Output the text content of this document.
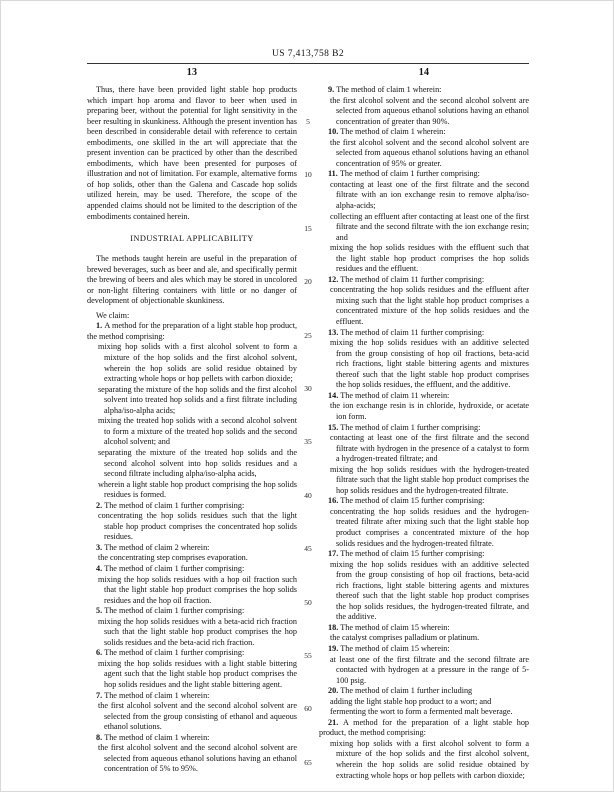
US 7,413,758 B2
13

Thus, there have been provided light stable hop products which impart hop aroma and flavor to beer when used in preparing beer, without the potential for light sensitivity in the beer resulting in skunkiness. Although the present invention has been described in considerable detail with reference to certain embodiments, one skilled in the art will appreciate that the present invention can be practiced by other than the described embodiments, which have been presented for purposes of illustration and not of limitation. For example, alternative forms of hop solids, other than the Galena and Cascade hop solids utilized herein, may be used. Therefore, the scope of the appended claims should not be limited to the description of the embodiments contained herein.

INDUSTRIAL APPLICABILITY

The methods taught herein are useful in the preparation of brewed beverages, such as beer and ale, and specifically permit the brewing of beers and ales which may be stored in uncolored or non-light filtering containers with little or no danger of development of objectionable skunkiness.

We claim:

1. A method for the preparation of a light stable hop product, the method comprising:

mixing hop solids with a first alcohol solvent to form a mixture of the hop solids and the first alcohol solvent, wherein the hop solids are solid residue obtained by extracting whole hops or hop pellets with carbon dioxide;

separating the mixture of the hop solids and the first alcohol solvent into treated hop solids and a first filtrate including alpha/iso-alpha acids;

mixing the treated hop solids with a second alcohol solvent to form a mixture of the treated hop solids and the second alcohol solvent; and

separating the mixture of the treated hop solids and the second alcohol solvent into hop solids residues and a second filtrate including alpha/iso-alpha acids,

wherein a light stable hop product comprising the hop solids residues is formed.

2. The method of claim 1 further comprising:

concentrating the hop solids residues such that the light stable hop product comprises the concentrated hop solids residues.

3. The method of claim 2 wherein:

the concentrating step comprises evaporation.

4. The method of claim 1 further comprising:

mixing the hop solids residues with a hop oil fraction such that the light stable hop product comprises the hop solids residues and the hop oil fraction.

5. The method of claim 1 further comprising:

mixing the hop solids residues with a beta-acid rich fraction such that the light stable hop product comprises the hop solids residues and the beta-acid rich fraction.

6. The method of claim 1 further comprising:

mixing the hop solids residues with a light stable bittering agent such that the light stable hop product comprises the hop solids residues and the light stable bittering agent.

7. The method of claim 1 wherein:

the first alcohol solvent and the second alcohol solvent are selected from the group consisting of ethanol and aqueous ethanol solutions.

8. The method of claim 1 wherein:

the first alcohol solvent and the second alcohol solvent are selected from aqueous ethanol solutions having an ethanol concentration of 5% to 95%.

5
10
15
20
25
30
35
40
45
50
55
60
65
14

9. The method of claim 1 wherein:

the first alcohol solvent and the second alcohol solvent are selected from aqueous ethanol solutions having an ethanol concentration of greater than 90%.

10. The method of claim 1 wherein:

the first alcohol solvent and the second alcohol solvent are selected from aqueous ethanol solutions having an ethanol concentration of 95% or greater.

11. The method of claim 1 further comprising:

contacting at least one of the first filtrate and the second filtrate with an ion exchange resin to remove alpha/iso-alpha-acids;

collecting an effluent after contacting at least one of the first filtrate and the second filtrate with the ion exchange resin; and

mixing the hop solids residues with the effluent such that the light stable hop product comprises the hop solids residues and the effluent.

12. The method of claim 11 further comprising:

concentrating the hop solids residues and the effluent after mixing such that the light stable hop product comprises a concentrated mixture of the hop solids residues and the effluent.

13. The method of claim 11 further comprising:

mixing the hop solids residues with an additive selected from the group consisting of hop oil fractions, beta-acid rich fractions, light stable bittering agents and mixtures thereof such that the light stable hop product comprises the hop solids residues, the effluent, and the additive.

14. The method of claim 11 wherein:

the ion exchange resin is in chloride, hydroxide, or acetate ion form.

15. The method of claim 1 further comprising:

contacting at least one of the first filtrate and the second filtrate with hydrogen in the presence of a catalyst to form a hydrogen-treated filtrate; and

mixing the hop solids residues with the hydrogen-treated filtrate such that the light stable hop product comprises the hop solids residues and the hydrogen-treated filtrate.

16. The method of claim 15 further comprising:

concentrating the hop solids residues and the hydrogen-treated filtrate after mixing such that the light stable hop product comprises a concentrated mixture of the hop solids residues and the hydrogen-treated filtrate.

17. The method of claim 15 further comprising:

mixing the hop solids residues with an additive selected from the group consisting of hop oil fractions, beta-acid rich fractions, light stable bittering agents and mixtures thereof such that the light stable hop product comprises the hop solids residues, the hydrogen-treated filtrate, and the additive.

18. The method of claim 15 wherein:

the catalyst comprises palladium or platinum.

19. The method of claim 15 wherein:

at least one of the first filtrate and the second filtrate are contacted with hydrogen at a pressure in the range of 5-100 psig.

20. The method of claim 1 further including

adding the light stable hop product to a wort; and

fermenting the wort to form a fermented malt beverage.

21. A method for the preparation of a light stable hop product, the method comprising:

mixing hop solids with a first alcohol solvent to form a mixture of the hop solids and the first alcohol solvent, wherein the hop solids are solid residue obtained by extracting whole hops or hop pellets with carbon dioxide;
